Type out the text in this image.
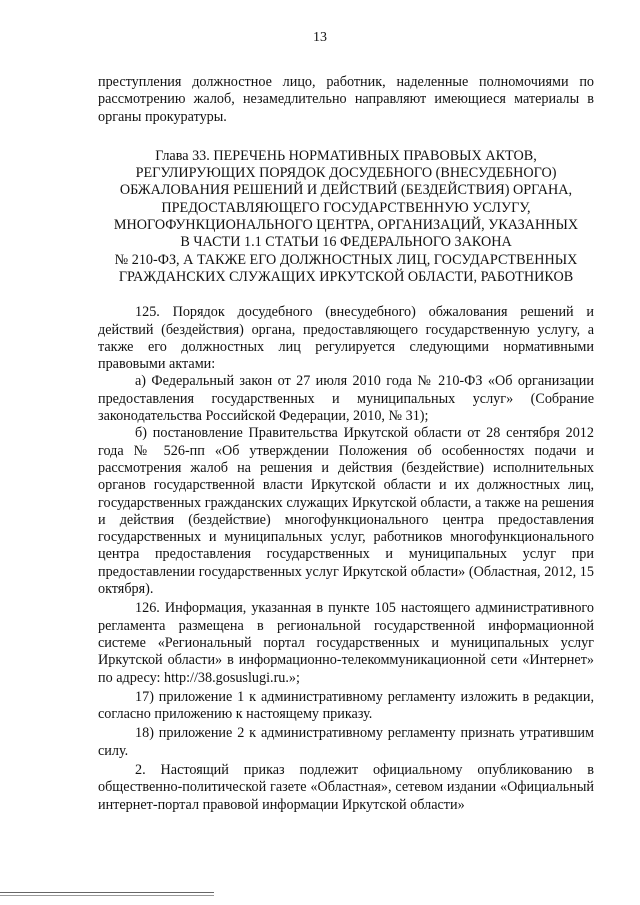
13

преступления должностное лицо, работник, наделенные полномочиями по рассмотрению жалоб, незамедлительно направляют имеющиеся материалы в органы прокуратуры.

Глава 33. ПЕРЕЧЕНЬ НОРМАТИВНЫХ ПРАВОВЫХ АКТОВ,
РЕГУЛИРУЮЩИХ ПОРЯДОК ДОСУДЕБНОГО (ВНЕСУДЕБНОГО)
ОБЖАЛОВАНИЯ РЕШЕНИЙ И ДЕЙСТВИЙ (БЕЗДЕЙСТВИЯ) ОРГАНА,
ПРЕДОСТАВЛЯЮЩЕГО ГОСУДАРСТВЕННУЮ УСЛУГУ,
МНОГОФУНКЦИОНАЛЬНОГО ЦЕНТРА, ОРГАНИЗАЦИЙ, УКАЗАННЫХ
В ЧАСТИ 1.1 СТАТЬИ 16 ФЕДЕРАЛЬНОГО ЗАКОНА
№ 210-ФЗ, А ТАКЖЕ ЕГО ДОЛЖНОСТНЫХ ЛИЦ, ГОСУДАРСТВЕННЫХ
ГРАЖДАНСКИХ СЛУЖАЩИХ ИРКУТСКОЙ ОБЛАСТИ, РАБОТНИКОВ

125. Порядок досудебного (внесудебного) обжалования решений и действий (бездействия) органа, предоставляющего государственную услугу, а также его должностных лиц регулируется следующими нормативными правовыми актами:

а) Федеральный закон от 27 июля 2010 года № 210-ФЗ «Об организации предоставления государственных и муниципальных услуг» (Собрание законодательства Российской Федерации, 2010, № 31);

б) постановление Правительства Иркутской области от 28 сентября 2012 года № 526-пп «Об утверждении Положения об особенностях подачи и рассмотрения жалоб на решения и действия (бездействие) исполнительных органов государственной власти Иркутской области и их должностных лиц, государственных гражданских служащих Иркутской области, а также на решения и действия (бездействие) многофункционального центра предоставления государственных и муниципальных услуг, работников многофункционального центра предоставления государственных и муниципальных услуг при предоставлении государственных услуг Иркутской области» (Областная, 2012, 15 октября).

126. Информация, указанная в пункте 105 настоящего административного регламента размещена в региональной государственной информационной системе «Региональный портал государственных и муниципальных услуг Иркутской области» в информационно-телекоммуникационной сети «Интернет» по адресу: http://38.gosuslugi.ru.»;

17) приложение 1 к административному регламенту изложить в редакции, согласно приложению к настоящему приказу.

18) приложение 2 к административному регламенту признать утратившим силу.

2. Настоящий приказ подлежит официальному опубликованию в общественно-политической газете «Областная», сетевом издании «Официальный интернет-портал правовой информации Иркутской области»
